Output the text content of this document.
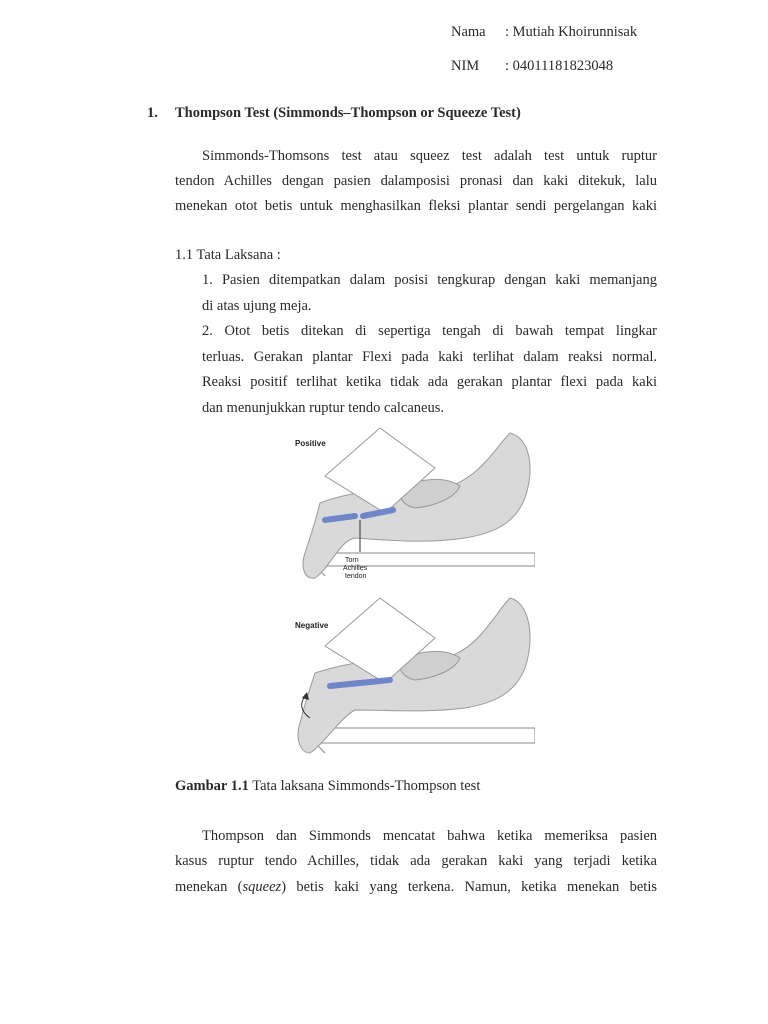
Nama : Mutiah Khoirunnisak
NIM : 04011181823048
1. Thompson Test (Simmonds–Thompson or Squeeze Test)
Simmonds-Thomsons test atau squeez test adalah test untuk ruptur
tendon Achilles dengan pasien dalamposisi pronasi dan kaki ditekuk, lalu
menekan otot betis untuk menghasilkan fleksi plantar sendi pergelangan kaki
1.1 Tata Laksana :
1. Pasien ditempatkan dalam posisi tengkurap dengan kaki memanjang
di atas ujung meja.
2. Otot betis ditekan di sepertiga tengah di bawah tempat lingkar
terluas. Gerakan plantar Flexi pada kaki terlihat dalam reaksi normal.
Reaksi positif terlihat ketika tidak ada gerakan plantar flexi pada kaki
dan menunjukkan ruptur tendo calcaneus.
Positive
Torn
Achilles
tendon
Negative
Gambar 1.1 Tata laksana Simmonds-Thompson test
Thompson dan Simmonds mencatat bahwa ketika memeriksa pasien
kasus ruptur tendo Achilles, tidak ada gerakan kaki yang terjadi ketika
menekan (squeez) betis kaki yang terkena. Namun, ketika menekan betis
